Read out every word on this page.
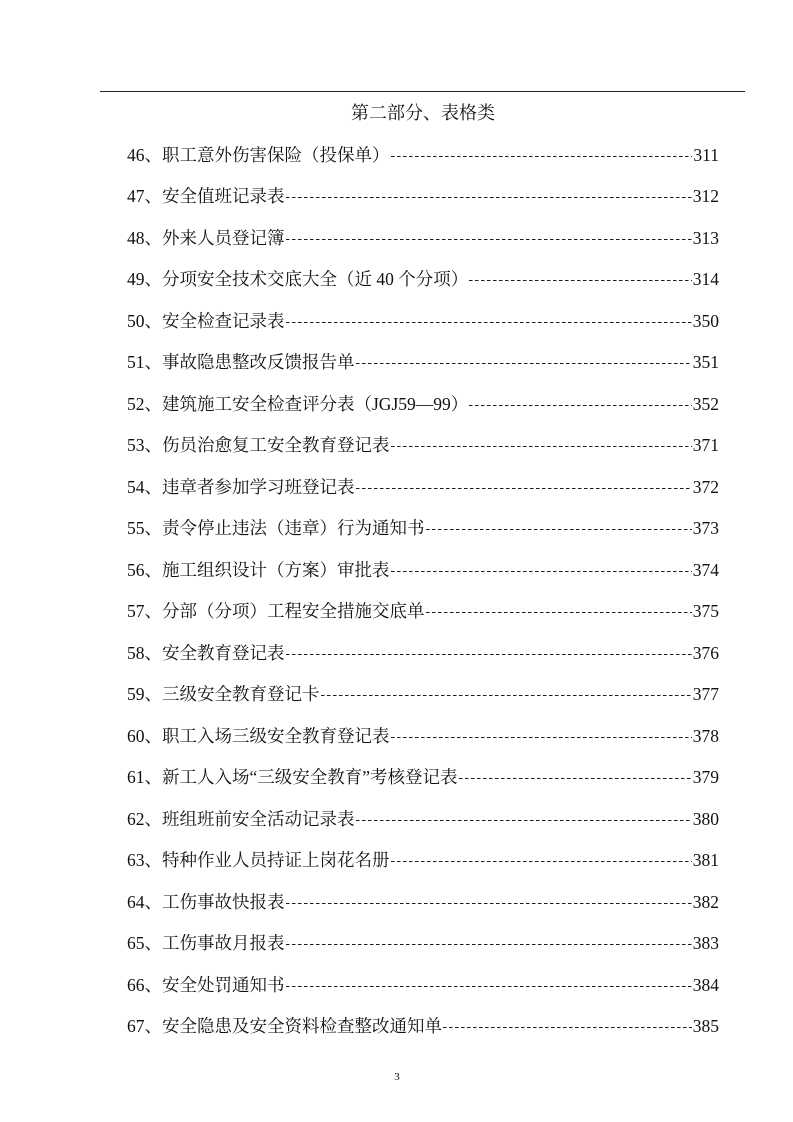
第二部分、表格类
46、职工意外伤害保险（投保单）	311
47、安全值班记录表	312
48、外来人员登记簿	313
49、分项安全技术交底大全（近 40 个分项）	314
50、安全检查记录表	350
51、事故隐患整改反馈报告单	351
52、建筑施工安全检查评分表（JGJ59—99）	352
53、伤员治愈复工安全教育登记表	371
54、违章者参加学习班登记表	372
55、责令停止违法（违章）行为通知书	373
56、施工组织设计（方案）审批表	374
57、分部（分项）工程安全措施交底单	375
58、安全教育登记表	376
59、三级安全教育登记卡	377
60、职工入场三级安全教育登记表	378
61、新工人入场“三级安全教育”考核登记表	379
62、班组班前安全活动记录表	380
63、特种作业人员持证上岗花名册	381
64、工伤事故快报表	382
65、工伤事故月报表	383
66、安全处罚通知书	384
67、安全隐患及安全资料检查整改通知单	385
3
